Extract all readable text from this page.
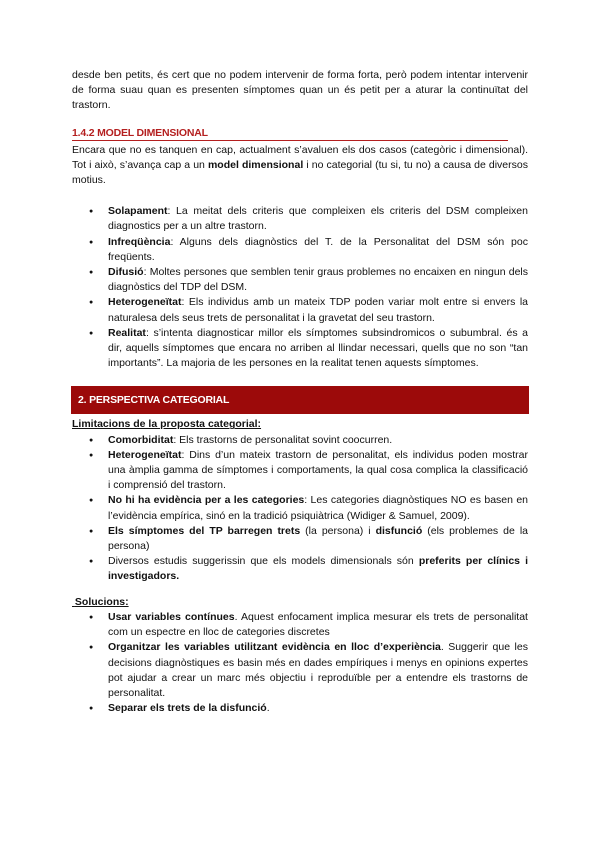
desde ben petits, és cert que no podem intervenir de forma forta, però podem intentar intervenir de forma suau quan es presenten símptomes quan un és petit per a aturar la continuïtat del trastorn.

1.4.2 MODEL DIMENSIONAL

Encara que no es tanquen en cap, actualment s’avaluen els dos casos (categòric i dimensional). Tot i això, s’avança cap a un model dimensional i no categorial (tu si, tu no) a causa de diversos motius.

● Solapament: La meitat dels criteris que compleixen els criteris del DSM compleixen diagnostics per a un altre trastorn.
● Infreqüència: Alguns dels diagnòstics del T. de la Personalitat del DSM són poc freqüents.
● Difusió: Moltes persones que semblen tenir graus problemes no encaixen en ningun dels diagnòstics del TDP del DSM.
● Heterogeneïtat: Els individus amb un mateix TDP poden variar molt entre si envers la naturalesa dels seus trets de personalitat i la gravetat del seu trastorn.
● Realitat: s’intenta diagnosticar millor els símptomes subsindromicos o subumbral. és a dir, aquells símptomes que encara no arriben al llindar necessari, quells que no son “tan importants”. La majoria de les persones en la realitat tenen aquests símptomes.
2. PERSPECTIVA CATEGORIAL
Limitacions de la proposta categorial:
● Comorbiditat: Els trastorns de personalitat sovint coocurren.
● Heterogeneïtat: Dins d’un mateix trastorn de personalitat, els individus poden mostrar una àmplia gamma de símptomes i comportaments, la qual cosa complica la classificació i comprensió del trastorn.
● No hi ha evidència per a les categories: Les categories diagnòstiques NO es basen en l’evidència empírica, sinó en la tradició psiquiàtrica (Widiger & Samuel, 2009).
● Els símptomes del TP barregen trets (la persona) i disfunció (els problemes de la persona)
● Diversos estudis suggerissin que els models dimensionals són preferits per clínics i investigadors.
Solucions:
● Usar variables contínues. Aquest enfocament implica mesurar els trets de personalitat com un espectre en lloc de categories discretes
● Organitzar les variables utilitzant evidència en lloc d’experiència. Suggerir que les decisions diagnòstiques es basin més en dades empíriques i menys en opinions expertes pot ajudar a crear un marc més objectiu i reproduïble per a entendre els trastorns de personalitat.
● Separar els trets de la disfunció.
